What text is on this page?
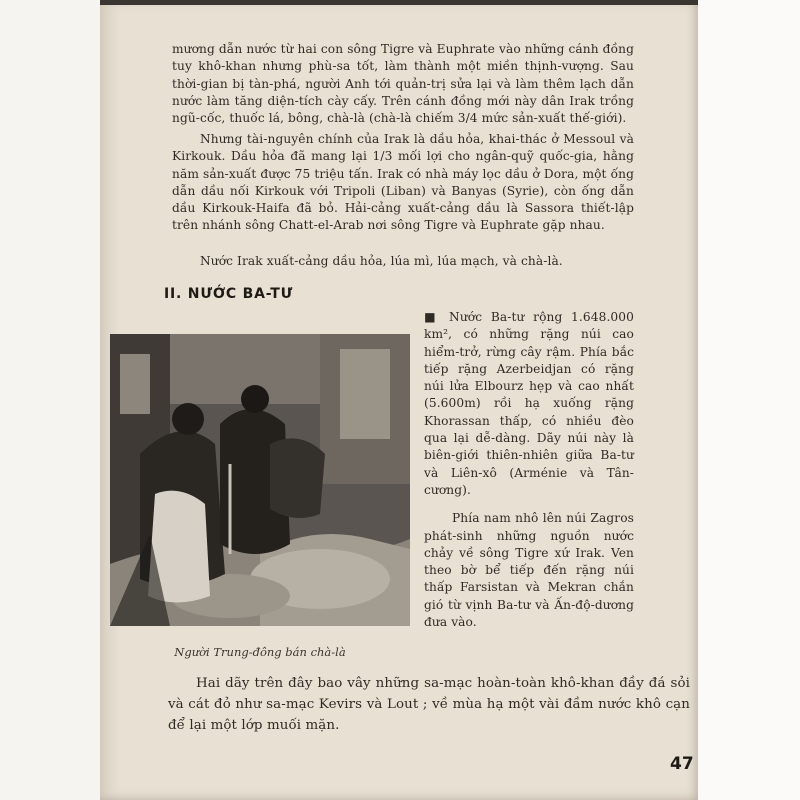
mương dẫn nước từ hai con sông Tigre và Euphrate vào những cánh đồng tuy khô-khan nhưng phù-sa tốt, làm thành một miền thịnh-vượng. Sau thời-gian bị tàn-phá, người Anh tới quản-trị sửa lại và làm thêm lạch dẫn nước làm tăng diện-tích cày cấy. Trên cánh đồng mới này dân Irak trồng ngũ-cốc, thuốc lá, bông, chà-là (chà-là chiếm 3/4 mức sản-xuất thế-giới).

Nhưng tài-nguyên chính của Irak là dầu hỏa, khai-thác ở Messoul và Kirkouk. Dầu hỏa đã mang lại 1/3 mối lợi cho ngân-quỹ quốc-gia, hằng năm sản-xuất được 75 triệu tấn. Irak có nhà máy lọc dầu ở Dora, một ống dẫn dầu nối Kirkouk với Tripoli (Liban) và Banyas (Syrie), còn ống dẫn dầu Kirkouk-Haifa đã bỏ. Hải-cảng xuất-cảng dầu là Sassora thiết-lập trên nhánh sông Chatt-el-Arab nơi sông Tigre và Euphrate gặp nhau.

Nước Irak xuất-cảng dầu hỏa, lúa mì, lúa mạch, và chà-là.

II. NƯỚC BA-TƯ
Người Trung-đông bán chà-là

■ Nước Ba-tư rộng 1.648.000 km², có những rặng núi cao hiểm-trở, rừng cây rậm. Phía bắc tiếp rặng Azerbeidjan có rặng núi lửa Elbourz hẹp và cao nhất (5.600m) rồi hạ xuống rặng Khorassan thấp, có nhiều đèo qua lại dễ-dàng. Dãy núi này là biên-giới thiên-nhiên giữa Ba-tư và Liên-xô (Arménie và Tân-cương).

Phía nam nhô lên núi Zagros phát-sinh những nguồn nước chảy về sông Tigre xứ Irak. Ven theo bờ bể tiếp đến rặng núi thấp Farsistan và Mekran chắn gió từ vịnh Ba-tư và Ấn-độ-dương đưa vào.

Hai dãy trên đây bao vây những sa-mạc hoàn-toàn khô-khan đầy đá sỏi và cát đỏ như sa-mạc Kevirs và Lout ; về mùa hạ một vài đầm nước khô cạn để lại một lớp muối mặn.

47
